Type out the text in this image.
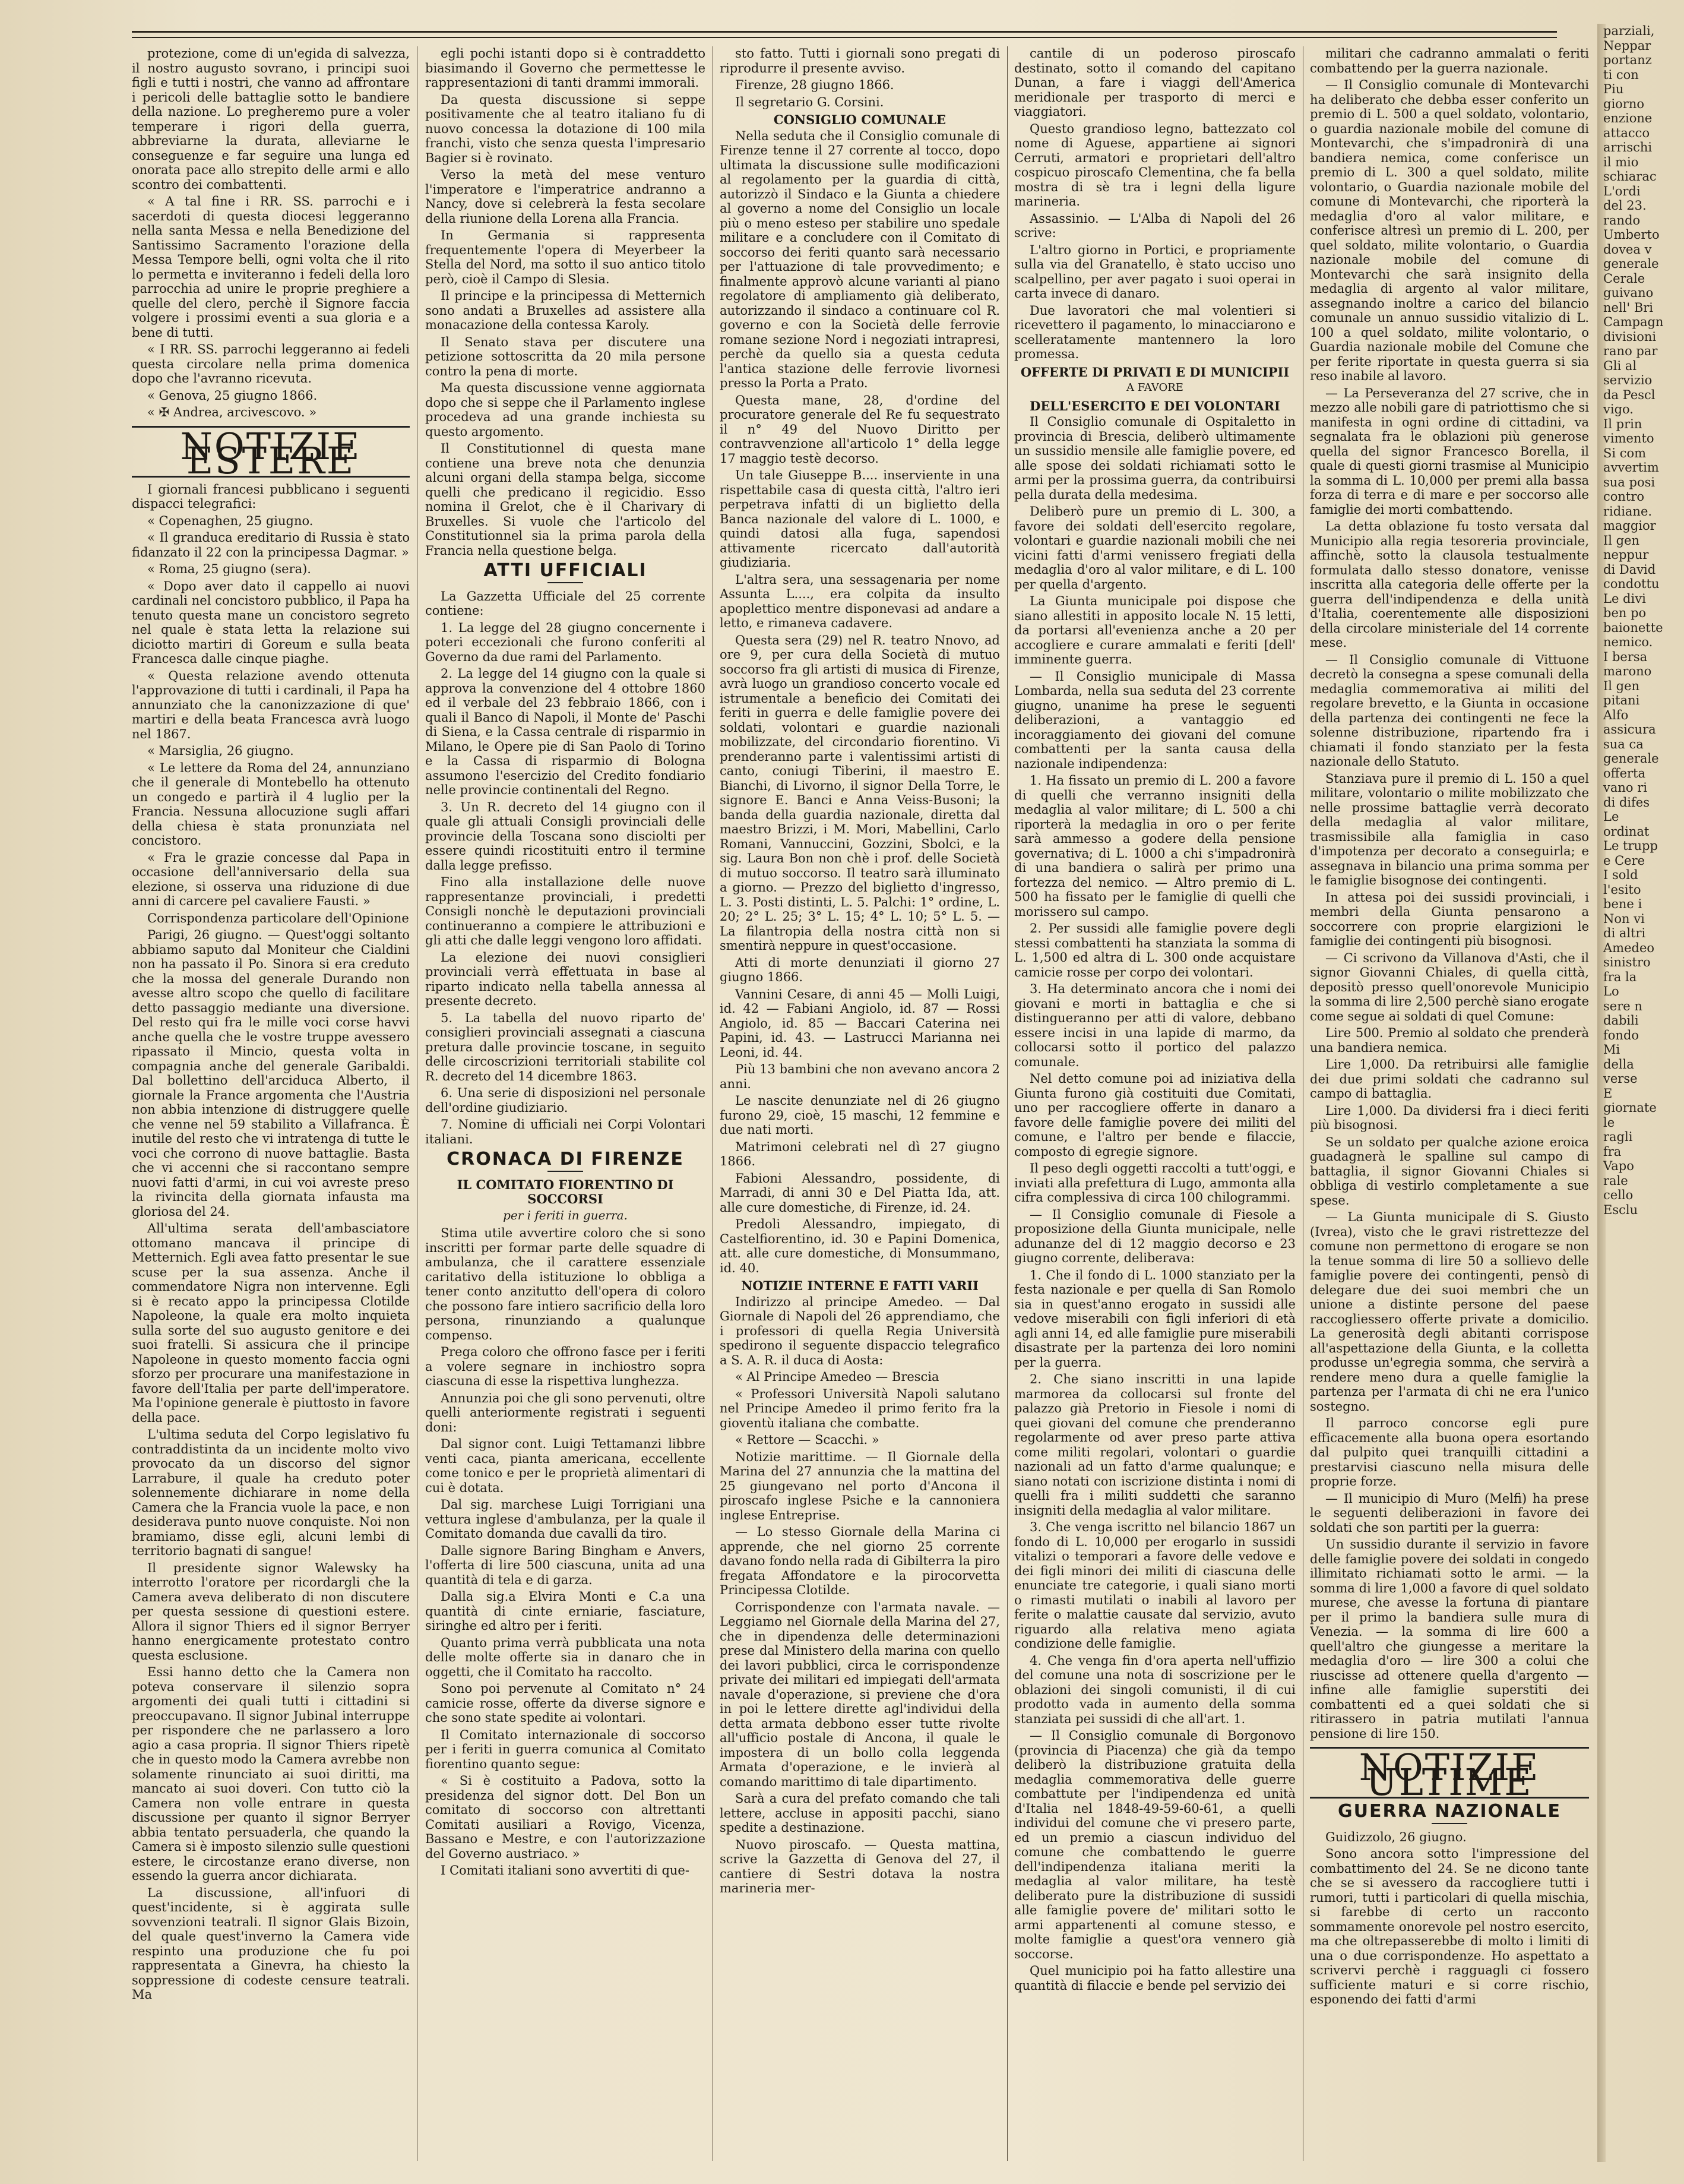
protezione, come di un'egida di salvezza, il nostro augusto sovrano, i principi suoi figli e tutti i nostri, che vanno ad affrontare i pericoli delle battaglie sotto le bandiere della nazione. Lo pregheremo pure a voler temperare i rigori della guerra, abbreviarne la durata, alleviarne le conseguenze e far seguire una lunga ed onorata pace allo strepito delle armi e allo scontro dei combattenti.

« A tal fine i RR. SS. parrochi e i sacerdoti di questa diocesi leggeranno nella santa Messa e nella Benedizione del Santissimo Sacramento l'orazione della Messa Tempore belli, ogni volta che il rito lo permetta e inviteranno i fedeli della loro parrocchia ad unire le proprie preghiere a quelle del clero, perchè il Signore faccia volgere i prossimi eventi a sua gloria e a bene di tutti.

« I RR. SS. parrochi leggeranno ai fedeli questa circolare nella prima domenica dopo che l'avranno ricevuta.

« Genova, 25 giugno 1866.

« ✠ Andrea, arcivescovo. »

NOTIZIE ESTERE

I giornali francesi pubblicano i seguenti dispacci telegrafici:

« Copenaghen, 25 giugno.

« Il granduca ereditario di Russia è stato fidanzato il 22 con la principessa Dagmar. »

« Roma, 25 giugno (sera).

« Dopo aver dato il cappello ai nuovi cardinali nel concistoro pubblico, il Papa ha tenuto questa mane un concistoro segreto nel quale è stata letta la relazione sui diciotto martiri di Goreum e sulla beata Francesca dalle cinque piaghe.

« Questa relazione avendo ottenuta l'approvazione di tutti i cardinali, il Papa ha annunziato che la canonizzazione di que' martiri e della beata Francesca avrà luogo nel 1867.

« Marsiglia, 26 giugno.

« Le lettere da Roma del 24, annunziano che il generale di Montebello ha ottenuto un congedo e partirà il 4 luglio per la Francia. Nessuna allocuzione sugli affari della chiesa è stata pronunziata nel concistoro.

« Fra le grazie concesse dal Papa in occasione dell'anniversario della sua elezione, si osserva una riduzione di due anni di carcere pel cavaliere Fausti. »

Corrispondenza particolare dell'Opinione

Parigi, 26 giugno. — Quest'oggi soltanto abbiamo saputo dal Moniteur che Cialdini non ha passato il Po. Sinora si era creduto che la mossa del generale Durando non avesse altro scopo che quello di facilitare detto passaggio mediante una diversione. Del resto qui fra le mille voci corse havvi anche quella che le vostre truppe avessero ripassato il Mincio, questa volta in compagnia anche del generale Garibaldi. Dal bollettino dell'arciduca Alberto, il giornale la France argomenta che l'Austria non abbia intenzione di distruggere quelle che venne nel 59 stabilito a Villafranca. È inutile del resto che vi intratenga di tutte le voci che corrono di nuove battaglie. Basta che vi accenni che si raccontano sempre nuovi fatti d'armi, in cui voi avreste preso la rivincita della giornata infausta ma gloriosa del 24.

All'ultima serata dell'ambasciatore ottomano mancava il principe di Metternich. Egli avea fatto presentar le sue scuse per la sua assenza. Anche il commendatore Nigra non intervenne. Egli si è recato appo la principessa Clotilde Napoleone, la quale era molto inquieta sulla sorte del suo augusto genitore e dei suoi fratelli. Si assicura che il principe Napoleone in questo momento faccia ogni sforzo per procurare una manifestazione in favore dell'Italia per parte dell'imperatore. Ma l'opinione generale è piuttosto in favore della pace.

L'ultima seduta del Corpo legislativo fu contraddistinta da un incidente molto vivo provocato da un discorso del signor Larrabure, il quale ha creduto poter solennemente dichiarare in nome della Camera che la Francia vuole la pace, e non desiderava punto nuove conquiste. Noi non bramiamo, disse egli, alcuni lembi di territorio bagnati di sangue!

Il presidente signor Walewsky ha interrotto l'oratore per ricordargli che la Camera aveva deliberato di non discutere per questa sessione di questioni estere. Allora il signor Thiers ed il signor Berryer hanno energicamente protestato contro questa esclusione.

Essi hanno detto che la Camera non poteva conservare il silenzio sopra argomenti dei quali tutti i cittadini si preoccupavano. Il signor Jubinal interruppe per rispondere che ne parlassero a loro agio a casa propria. Il signor Thiers ripetè che in questo modo la Camera avrebbe non solamente rinunciato ai suoi diritti, ma mancato ai suoi doveri. Con tutto ciò la Camera non volle entrare in questa discussione per quanto il signor Berryer abbia tentato persuaderla, che quando la Camera si è imposto silenzio sulle questioni estere, le circostanze erano diverse, non essendo la guerra ancor dichiarata.

La discussione, all'infuori di quest'incidente, si è aggirata sulle sovvenzioni teatrali. Il signor Glais Bizoin, del quale quest'inverno la Camera vide respinto una produzione che fu poi rappresentata a Ginevra, ha chiesto la soppressione di codeste censure teatrali. Ma

egli pochi istanti dopo si è contraddetto biasimando il Governo che permettesse le rappresentazioni di tanti drammi immorali.

Da questa discussione si seppe positivamente che al teatro italiano fu di nuovo concessa la dotazione di 100 mila franchi, visto che senza questa l'impresario Bagier si è rovinato.

Verso la metà del mese venturo l'imperatore e l'imperatrice andranno a Nancy, dove si celebrerà la festa secolare della riunione della Lorena alla Francia.

In Germania si rappresenta frequentemente l'opera di Meyerbeer la Stella del Nord, ma sotto il suo antico titolo però, cioè il Campo di Slesia.

Il principe e la principessa di Metternich sono andati a Bruxelles ad assistere alla monacazione della contessa Karoly.

Il Senato stava per discutere una petizione sottoscritta da 20 mila persone contro la pena di morte.

Ma questa discussione venne aggiornata dopo che si seppe che il Parlamento inglese procedeva ad una grande inchiesta su questo argomento.

Il Constitutionnel di questa mane contiene una breve nota che denunzia alcuni organi della stampa belga, siccome quelli che predicano il regicidio. Esso nomina il Grelot, che è il Charivary di Bruxelles. Si vuole che l'articolo del Constitutionnel sia la prima parola della Francia nella questione belga.

ATTI UFFICIALI

La Gazzetta Ufficiale del 25 corrente contiene:

1. La legge del 28 giugno concernente i poteri eccezionali che furono conferiti al Governo da due rami del Parlamento.

2. La legge del 14 giugno con la quale si approva la convenzione del 4 ottobre 1860 ed il verbale del 23 febbraio 1866, con i quali il Banco di Napoli, il Monte de' Paschi di Siena, e la Cassa centrale di risparmio in Milano, le Opere pie di San Paolo di Torino e la Cassa di risparmio di Bologna assumono l'esercizio del Credito fondiario nelle provincie continentali del Regno.

3. Un R. decreto del 14 giugno con il quale gli attuali Consigli provinciali delle provincie della Toscana sono disciolti per essere quindi ricostituiti entro il termine dalla legge prefisso.

Fino alla installazione delle nuove rappresentanze provinciali, i predetti Consigli nonchè le deputazioni provinciali continueranno a compiere le attribuzioni e gli atti che dalle leggi vengono loro affidati.

La elezione dei nuovi consiglieri provinciali verrà effettuata in base al riparto indicato nella tabella annessa al presente decreto.

5. La tabella del nuovo riparto de' consiglieri provinciali assegnati a ciascuna pretura dalle provincie toscane, in seguito delle circoscrizioni territoriali stabilite col R. decreto del 14 dicembre 1863.

6. Una serie di disposizioni nel personale dell'ordine giudiziario.

7. Nomine di ufficiali nei Corpi Volontari italiani.

CRONACA DI FIRENZE
IL COMITATO FIORENTINO DI SOCCORSI
per i feriti in guerra.

Stima utile avvertire coloro che si sono inscritti per formar parte delle squadre di ambulanza, che il carattere essenziale caritativo della istituzione lo obbliga a tener conto anzitutto dell'opera di coloro che possono fare intiero sacrificio della loro persona, rinunziando a qualunque compenso.

Prega coloro che offrono fasce per i feriti a volere segnare in inchiostro sopra ciascuna di esse la rispettiva lunghezza.

Annunzia poi che gli sono pervenuti, oltre quelli anteriormente registrati i seguenti doni:

Dal signor cont. Luigi Tettamanzi libbre venti caca, pianta americana, eccellente come tonico e per le proprietà alimentari di cui è dotata.

Dal sig. marchese Luigi Torrigiani una vettura inglese d'ambulanza, per la quale il Comitato domanda due cavalli da tiro.

Dalle signore Baring Bingham e Anvers, l'offerta di lire 500 ciascuna, unita ad una quantità di tela e di garza.

Dalla sig.a Elvira Monti e C.a una quantità di cinte erniarie, fasciature, siringhe ed altro per i feriti.

Quanto prima verrà pubblicata una nota delle molte offerte sia in danaro che in oggetti, che il Comitato ha raccolto.

Sono poi pervenute al Comitato n° 24 camicie rosse, offerte da diverse signore e che sono state spedite ai volontari.

Il Comitato internazionale di soccorso per i feriti in guerra comunica al Comitato fiorentino quanto segue:

« Si è costituito a Padova, sotto la presidenza del signor dott. Del Bon un comitato di soccorso con altrettanti Comitati ausiliari a Rovigo, Vicenza, Bassano e Mestre, e con l'autorizzazione del Governo austriaco. »

I Comitati italiani sono avvertiti di que-

sto fatto. Tutti i giornali sono pregati di riprodurre il presente avviso.

Firenze, 28 giugno 1866.

Il segretario G. Corsini.

CONSIGLIO COMUNALE

Nella seduta che il Consiglio comunale di Firenze tenne il 27 corrente al tocco, dopo ultimata la discussione sulle modificazioni al regolamento per la guardia di città, autorizzò il Sindaco e la Giunta a chiedere al governo a nome del Consiglio un locale più o meno esteso per stabilire uno spedale militare e a concludere con il Comitato di soccorso dei feriti quanto sarà necessario per l'attuazione di tale provvedimento; e finalmente approvò alcune varianti al piano regolatore di ampliamento già deliberato, autorizzando il sindaco a continuare col R. governo e con la Società delle ferrovie romane sezione Nord i negoziati intrapresi, perchè da quello sia a questa ceduta l'antica stazione delle ferrovie livornesi presso la Porta a Prato.

Questa mane, 28, d'ordine del procuratore generale del Re fu sequestrato il n° 49 del Nuovo Diritto per contravvenzione all'articolo 1° della legge 17 maggio testè decorso.

Un tale Giuseppe B.... inserviente in una rispettabile casa di questa città, l'altro ieri perpetrava infatti di un biglietto della Banca nazionale del valore di L. 1000, e quindi datosi alla fuga, sapendosi attivamente ricercato dall'autorità giudiziaria.

L'altra sera, una sessagenaria per nome Assunta L...., era colpita da insulto apoplettico mentre disponevasi ad andare a letto, e rimaneva cadavere.

Questa sera (29) nel R. teatro Nnovo, ad ore 9, per cura della Società di mutuo soccorso fra gli artisti di musica di Firenze, avrà luogo un grandioso concerto vocale ed istrumentale a beneficio dei Comitati dei feriti in guerra e delle famiglie povere dei soldati, volontari e guardie nazionali mobilizzate, del circondario fiorentino. Vi prenderanno parte i valentissimi artisti di canto, coniugi Tiberini, il maestro E. Bianchi, di Livorno, il signor Della Torre, le signore E. Banci e Anna Veiss-Busoni; la banda della guardia nazionale, diretta dal maestro Brizzi, i M. Mori, Mabellini, Carlo Romani, Vannuccini, Gozzini, Sbolci, e la sig. Laura Bon non chè i prof. delle Società di mutuo soccorso. Il teatro sarà illuminato a giorno. — Prezzo del biglietto d'ingresso, L. 3. Posti distinti, L. 5. Palchi: 1° ordine, L. 20; 2° L. 25; 3° L. 15; 4° L. 10; 5° L. 5. — La filantropia della nostra città non si smentirà neppure in quest'occasione.

Atti di morte denunziati il giorno 27 giugno 1866.

Vannini Cesare, di anni 45 — Molli Luigi, id. 42 — Fabiani Angiolo, id. 87 — Rossi Angiolo, id. 85 — Baccari Caterina nei Papini, id. 43. — Lastrucci Marianna nei Leoni, id. 44.

Più 13 bambini che non avevano ancora 2 anni.

Le nascite denunziate nel di 26 giugno furono 29, cioè, 15 maschi, 12 femmine e due nati morti.

Matrimoni celebrati nel dì 27 giugno 1866.

Fabioni Alessandro, possidente, di Marradi, di anni 30 e Del Piatta Ida, att. alle cure domestiche, di Firenze, id. 24.

Predoli Alessandro, impiegato, di Castelfiorentino, id. 30 e Papini Domenica, att. alle cure domestiche, di Monsummano, id. 40.

NOTIZIE INTERNE E FATTI VARII

Indirizzo al principe Amedeo. — Dal Giornale di Napoli del 26 apprendiamo, che i professori di quella Regia Università spedirono il seguente dispaccio telegrafico a S. A. R. il duca di Aosta:

« Al Principe Amedeo — Brescia

« Professori Università Napoli salutano nel Principe Amedeo il primo ferito fra la gioventù italiana che combatte.

« Rettore — Scacchi. »

Notizie marittime. — Il Giornale della Marina del 27 annunzia che la mattina del 25 giungevano nel porto d'Ancona il piroscafo inglese Psiche e la cannoniera inglese Entreprise.

— Lo stesso Giornale della Marina ci apprende, che nel giorno 25 corrente davano fondo nella rada di Gibilterra la piro fregata Affondatore e la pirocorvetta Principessa Clotilde.

Corrispondenze con l'armata navale. — Leggiamo nel Giornale della Marina del 27, che in dipendenza delle determinazioni prese dal Ministero della marina con quello dei lavori pubblici, circa le corrispondenze private dei militari ed impiegati dell'armata navale d'operazione, si previene che d'ora in poi le lettere dirette agl'individui della detta armata debbono esser tutte rivolte all'ufficio postale di Ancona, il quale le impostera di un bollo colla leggenda Armata d'operazione, e le invierà al comando marittimo di tale dipartimento.

Sarà a cura del prefato comando che tali lettere, accluse in appositi pacchi, siano spedite a destinazione.

Nuovo piroscafo. — Questa mattina, scrive la Gazzetta di Genova del 27, il cantiere di Sestri dotava la nostra marineria mer-

cantile di un poderoso piroscafo destinato, sotto il comando del capitano Dunan, a fare i viaggi dell'America meridionale per trasporto di merci e viaggiatori.

Questo grandioso legno, battezzato col nome di Aguese, appartiene ai signori Cerruti, armatori e proprietari dell'altro cospicuo piroscafo Clementina, che fa bella mostra di sè tra i legni della ligure marineria.

Assassinio. — L'Alba di Napoli del 26 scrive:

L'altro giorno in Portici, e propriamente sulla via del Granatello, è stato ucciso uno scalpellino, per aver pagato i suoi operai in carta invece di danaro.

Due lavoratori che mal volentieri si ricevettero il pagamento, lo minacciarono e scelleratamente mantennero la loro promessa.

OFFERTE DI PRIVATI E DI MUNICIPII
A FAVORE
DELL'ESERCITO E DEI VOLONTARI

Il Consiglio comunale di Ospitaletto in provincia di Brescia, deliberò ultimamente un sussidio mensile alle famiglie povere, ed alle spose dei soldati richiamati sotto le armi per la prossima guerra, da contribuirsi pella durata della medesima.

Deliberò pure un premio di L. 300, a favore dei soldati dell'esercito regolare, volontari e guardie nazionali mobili che nei vicini fatti d'armi venissero fregiati della medaglia d'oro al valor militare, e di L. 100 per quella d'argento.

La Giunta municipale poi dispose che siano allestiti in apposito locale N. 15 letti, da portarsi all'evenienza anche a 20 per accogliere e curare ammalati e feriti [dell' imminente guerra.

— Il Consiglio municipale di Massa Lombarda, nella sua seduta del 23 corrente giugno, unanime ha prese le seguenti deliberazioni, a vantaggio ed incoraggiamento dei giovani del comune combattenti per la santa causa della nazionale indipendenza:

1. Ha fissato un premio di L. 200 a favore di quelli che verranno insigniti della medaglia al valor militare; di L. 500 a chi riporterà la medaglia in oro o per ferite sarà ammesso a godere della pensione governativa; di L. 1000 a chi s'impadronirà di una bandiera o salirà per primo una fortezza del nemico. — Altro premio di L. 500 ha fissato per le famiglie di quelli che morissero sul campo.

2. Per sussidi alle famiglie povere degli stessi combattenti ha stanziata la somma di L. 1,500 ed altra di L. 300 onde acquistare camicie rosse per corpo dei volontari.

3. Ha determinato ancora che i nomi dei giovani e morti in battaglia e che si distingueranno per atti di valore, debbano essere incisi in una lapide di marmo, da collocarsi sotto il portico del palazzo comunale.

Nel detto comune poi ad iniziativa della Giunta furono già costituiti due Comitati, uno per raccogliere offerte in danaro a favore delle famiglie povere dei militi del comune, e l'altro per bende e filaccie, composto di egregie signore.

Il peso degli oggetti raccolti a tutt'oggi, e inviati alla prefettura di Lugo, ammonta alla cifra complessiva di circa 100 chilogrammi.

— Il Consiglio comunale di Fiesole a proposizione della Giunta municipale, nelle adunanze del di 12 maggio decorso e 23 giugno corrente, deliberava:

1. Che il fondo di L. 1000 stanziato per la festa nazionale e per quella di San Romolo sia in quest'anno erogato in sussidi alle vedove miserabili con figli inferiori di età agli anni 14, ed alle famiglie pure miserabili disastrate per la partenza dei loro nomini per la guerra.

2. Che siano inscritti in una lapide marmorea da collocarsi sul fronte del palazzo già Pretorio in Fiesole i nomi di quei giovani del comune che prenderanno regolarmente od aver preso parte attiva come militi regolari, volontari o guardie nazionali ad un fatto d'arme qualunque; e siano notati con iscrizione distinta i nomi di quelli fra i militi suddetti che saranno insigniti della medaglia al valor militare.

3. Che venga iscritto nel bilancio 1867 un fondo di L. 10,000 per erogarlo in sussidi vitalizi o temporari a favore delle vedove e dei figli minori dei militi di ciascuna delle enunciate tre categorie, i quali siano morti o rimasti mutilati o inabili al lavoro per ferite o malattie causate dal servizio, avuto riguardo alla relativa meno agiata condizione delle famiglie.

4. Che venga fin d'ora aperta nell'uffizio del comune una nota di soscrizione per le oblazioni dei singoli comunisti, il di cui prodotto vada in aumento della somma stanziata pei sussidi di che all'art. 1.

— Il Consiglio comunale di Borgonovo (provincia di Piacenza) che già da tempo deliberò la distribuzione gratuita della medaglia commemorativa delle guerre combattute per l'indipendenza ed unità d'Italia nel 1848-49-59-60-61, a quelli individui del comune che vi presero parte, ed un premio a ciascun individuo del comune che combattendo le guerre dell'indipendenza italiana meriti la medaglia al valor militare, ha testè deliberato pure la distribuzione di sussidi alle famiglie povere de' militari sotto le armi appartenenti al comune stesso, e molte famiglie a quest'ora vennero già soccorse.

Quel municipio poi ha fatto allestire una quantità di filaccie e bende pel servizio dei

militari che cadranno ammalati o feriti combattendo per la guerra nazionale.

— Il Consiglio comunale di Montevarchi ha deliberato che debba esser conferito un premio di L. 500 a quel soldato, volontario, o guardia nazionale mobile del comune di Montevarchi, che s'impadronirà di una bandiera nemica, come conferisce un premio di L. 300 a quel soldato, milite volontario, o Guardia nazionale mobile del comune di Montevarchi, che riporterà la medaglia d'oro al valor militare, e conferisce altresì un premio di L. 200, per quel soldato, milite volontario, o Guardia nazionale mobile del comune di Montevarchi che sarà insignito della medaglia di argento al valor militare, assegnando inoltre a carico del bilancio comunale un annuo sussidio vitalizio di L. 100 a quel soldato, milite volontario, o Guardia nazionale mobile del Comune che per ferite riportate in questa guerra si sia reso inabile al lavoro.

— La Perseveranza del 27 scrive, che in mezzo alle nobili gare di patriottismo che si manifesta in ogni ordine di cittadini, va segnalata fra le oblazioni più generose quella del signor Francesco Borella, il quale di questi giorni trasmise al Municipio la somma di L. 10,000 per premi alla bassa forza di terra e di mare e per soccorso alle famiglie dei morti combattendo.

La detta oblazione fu tosto versata dal Municipio alla regia tesoreria provinciale, affinchè, sotto la clausola testualmente formulata dallo stesso donatore, venisse inscritta alla categoria delle offerte per la guerra dell'indipendenza e della unità d'Italia, coerentemente alle disposizioni della circolare ministeriale del 14 corrente mese.

— Il Consiglio comunale di Vittuone decretò la consegna a spese comunali della medaglia commemorativa ai militi del regolare brevetto, e la Giunta in occasione della partenza dei contingenti ne fece la solenne distribuzione, ripartendo fra i chiamati il fondo stanziato per la festa nazionale dello Statuto.

Stanziava pure il premio di L. 150 a quel militare, volontario o milite mobilizzato che nelle prossime battaglie verrà decorato della medaglia al valor militare, trasmissibile alla famiglia in caso d'impotenza per decorato a conseguirla; e assegnava in bilancio una prima somma per le famiglie bisognose dei contingenti.

In attesa poi dei sussidi provinciali, i membri della Giunta pensarono a soccorrere con proprie elargizioni le famiglie dei contingenti più bisognosi.

— Ci scrivono da Villanova d'Asti, che il signor Giovanni Chiales, di quella città, depositò presso quell'onorevole Municipio la somma di lire 2,500 perchè siano erogate come segue ai soldati di quel Comune:

Lire 500. Premio al soldato che prenderà una bandiera nemica.

Lire 1,000. Da retribuirsi alle famiglie dei due primi soldati che cadranno sul campo di battaglia.

Lire 1,000. Da dividersi fra i dieci feriti più bisognosi.

Se un soldato per qualche azione eroica guadagnerà le spalline sul campo di battaglia, il signor Giovanni Chiales si obbliga di vestirlo completamente a sue spese.

— La Giunta municipale di S. Giusto (Ivrea), visto che le gravi ristrettezze del comune non permettono di erogare se non la tenue somma di lire 50 a sollievo delle famiglie povere dei contingenti, pensò di delegare due dei suoi membri che un unione a distinte persone del paese raccogliessero offerte private a domicilio. La generosità degli abitanti corrispose all'aspettazione della Giunta, e la colletta produsse un'egregia somma, che servirà a rendere meno dura a quelle famiglie la partenza per l'armata di chi ne era l'unico sostegno.

Il parroco concorse egli pure efficacemente alla buona opera esortando dal pulpito quei tranquilli cittadini a prestarvisi ciascuno nella misura delle proprie forze.

— Il municipio di Muro (Melfi) ha prese le seguenti deliberazioni in favore dei soldati che son partiti per la guerra:

Un sussidio durante il servizio in favore delle famiglie povere dei soldati in congedo illimitato richiamati sotto le armi. — la somma di lire 1,000 a favore di quel soldato murese, che avesse la fortuna di piantare per il primo la bandiera sulle mura di Venezia. — la somma di lire 600 a quell'altro che giungesse a meritare la medaglia d'oro — lire 300 a colui che riuscisse ad ottenere quella d'argento — infine alle famiglie superstiti dei combattenti ed a quei soldati che si ritirassero in patria mutilati l'annua pensione di lire 150.

NOTIZIE ULTIME
GUERRA NAZIONALE

Guidizzolo, 26 giugno.

Sono ancora sotto l'impressione del combattimento del 24. Se ne dicono tante che se si avessero da raccogliere tutti i rumori, tutti i particolari di quella mischia, si farebbe di certo un racconto sommamente onorevole pel nostro esercito, ma che oltrepasserebbe di molto i limiti di una o due corrispondenze. Ho aspettato a scrivervi perchè i ragguagli ci fossero sufficiente maturi e si corre rischio, esponendo dei fatti d'armi

parziali,
Neppar
portanz
ti con
Piu
giorno
enzione
attacco
arrischi
il mio
schiarac
L'ordi
del 23.
rando
Umberto
dovea v
generale
Cerale
guivano
nell' Bri
Campagn
divisioni
rano par
Gli al
servizio
da Pescl
vigo.
Il prin
vimento
Si com
avvertim
sua posi
contro
ridiane.
maggior
Il gen
neppur
di David
condottu
Le divi
ben po
baionette
nemico.
I bersa
marono
Il gen
pitani
Alfo
assicura
sua ca
generale
offerta
vano ri
di difes
Le
ordinat
Le trupp
e Cere
I sold
l'esito
bene i
Non vi
di altri
Amedeo
sinistro
fra la
Lo
sere n
dabili
fondo
Mi
della
verse
E
giornate
le
ragli
fra
Vapo
rale
cello
Esclu
